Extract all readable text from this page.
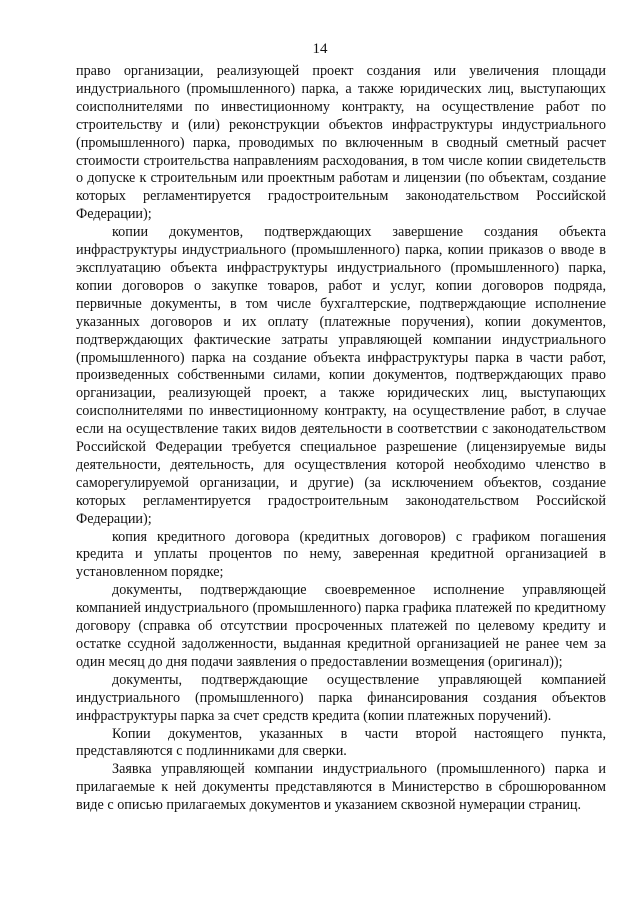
14

право организации, реализующей проект создания или увеличения площади индустриального (промышленного) парка, а также юридических лиц, выступающих соисполнителями по инвестиционному контракту, на осуществление работ по строительству и (или) реконструкции объектов инфраструктуры индустриального (промышленного) парка, проводимых по включенным в сводный сметный расчет стоимости строительства направлениям расходования, в том числе копии свидетельств о допуске к строительным или проектным работам и лицензии (по объектам, создание которых регламентируется градостроительным законодательством Российской Федерации);

копии документов, подтверждающих завершение создания объекта инфраструктуры индустриального (промышленного) парка, копии приказов о вводе в эксплуатацию объекта инфраструктуры индустриального (промышленного) парка, копии договоров о закупке товаров, работ и услуг, копии договоров подряда, первичные документы, в том числе бухгалтерские, подтверждающие исполнение указанных договоров и их оплату (платежные поручения), копии документов, подтверждающих фактические затраты управляющей компании индустриального (промышленного) парка на создание объекта инфраструктуры парка в части работ, произведенных собственными силами, копии документов, подтверждающих право организации, реализующей проект, а также юридических лиц, выступающих соисполнителями по инвестиционному контракту, на осуществление работ, в случае если на осуществление таких видов деятельности в соответствии с законодательством Российской Федерации требуется специальное разрешение (лицензируемые виды деятельности, деятельность, для осуществления которой необходимо членство в саморегулируемой организации, и другие) (за исключением объектов, создание которых регламентируется градостроительным законодательством Российской Федерации);

копия кредитного договора (кредитных договоров) с графиком погашения кредита и уплаты процентов по нему, заверенная кредитной организацией в установленном порядке;

документы, подтверждающие своевременное исполнение управляющей компанией индустриального (промышленного) парка графика платежей по кредитному договору (справка об отсутствии просроченных платежей по целевому кредиту и остатке ссудной задолженности, выданная кредитной организацией не ранее чем за один месяц до дня подачи заявления о предоставлении возмещения (оригинал));

документы, подтверждающие осуществление управляющей компанией индустриального (промышленного) парка финансирования создания объектов инфраструктуры парка за счет средств кредита (копии платежных поручений).

Копии документов, указанных в части второй настоящего пункта, представляются с подлинниками для сверки.

Заявка управляющей компании индустриального (промышленного) парка и прилагаемые к ней документы представляются в Министерство в сброшюрованном виде с описью прилагаемых документов и указанием сквозной нумерации страниц.
